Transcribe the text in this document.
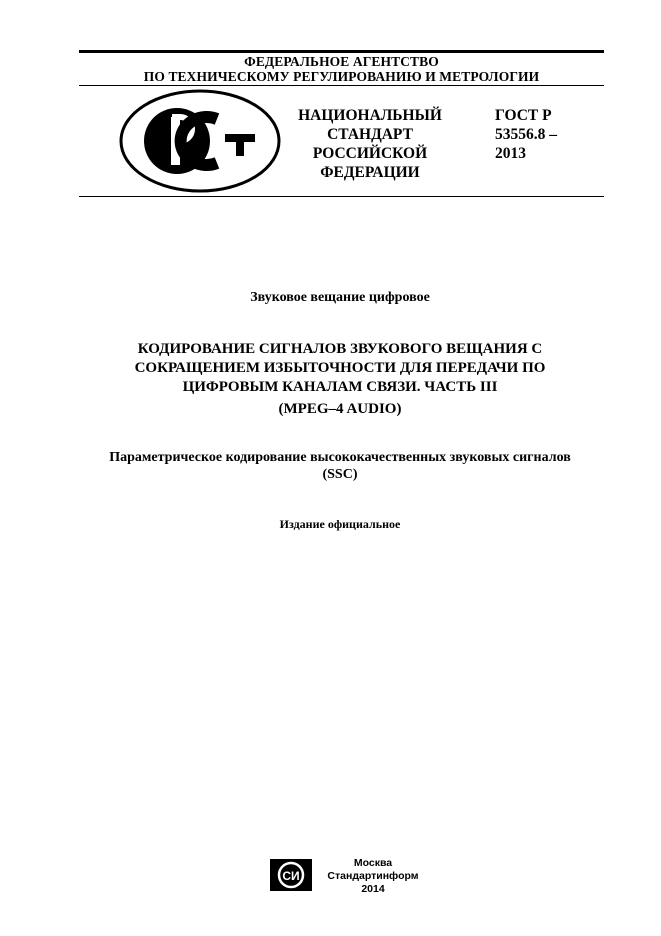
ФЕДЕРАЛЬНОЕ АГЕНТСТВО
ПО ТЕХНИЧЕСКОМУ РЕГУЛИРОВАНИЮ И МЕТРОЛОГИИ
РСТ
НАЦИОНАЛЬНЫЙ
СТАНДАРТ
РОССИЙСКОЙ
ФЕДЕРАЦИИ
ГОСТ Р
53556.8 –
2013
Звуковое вещание цифровое
КОДИРОВАНИЕ СИГНАЛОВ ЗВУКОВОГО ВЕЩАНИЯ С
СОКРАЩЕНИЕМ ИЗБЫТОЧНОСТИ ДЛЯ ПЕРЕДАЧИ ПО
ЦИФРОВЫМ КАНАЛАМ СВЯЗИ. ЧАСТЬ III
(MPEG–4 AUDIO)
Параметрическое кодирование высококачественных звуковых сигналов
(SSC)
Издание официальное
СИ
Москва
Стандартинформ
2014
